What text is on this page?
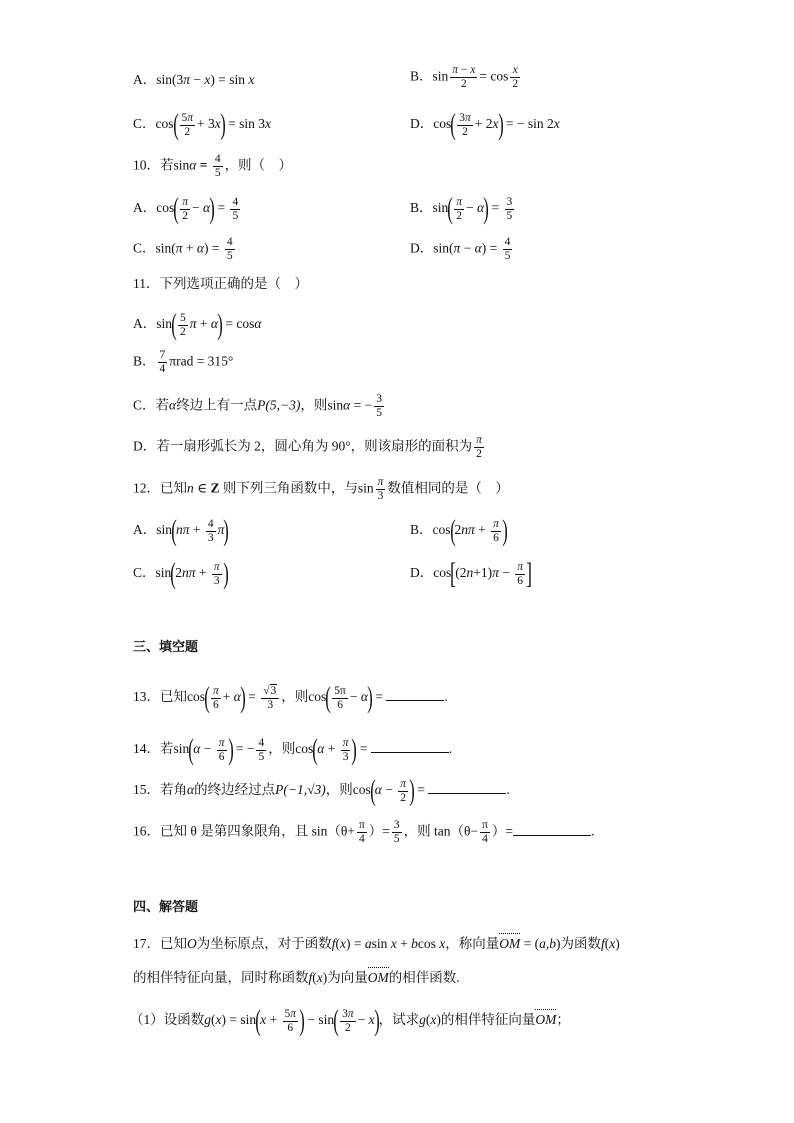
A．sin(3π − x) = sin x	B．$\sin \frac{\pi - x}{2} = \cos \frac{x}{2}$
C．$\cos( \frac{5\pi}{2} + 3x) = \sin 3x$	D．$\cos( \frac{3\pi}{2} + 2x)$ = − sin 2x
10．若$\sin\alpha = \frac{4}{5}$ ，则（　）
A．$\cos( \frac{\pi}{2} - \alpha) = \frac{4}{5}$	B．$\sin( \frac{\pi}{2} - \alpha) = \frac{3}{5}$
C．$\sin(\pi + \alpha) = \frac{4}{5}$	D．$\sin(\pi - \alpha) = \frac{4}{5}$
11．下列选项正确的是（　）
A．$\sin( \frac{5}{2}$ π + α) = cosα
B． $\frac{7}{4}$ πrad = 315°
C．若α终边上有一点P(5,−3)，则sinα = − $\frac{3}{5}$
D．若一扇形弧长为 2，圆心角为 90°，则该扇形的面积为 $\frac{\pi}{2}$
12．已知n ∈ Z 则下列三角函数中，与$\sin \frac{\pi}{3}$ 数值相同的是（　）
A．$\sin(n\pi + \frac{4}{3} \pi)$	B．$\cos(2n\pi + \frac{\pi}{6}$ )
C．$\sin(2n\pi + \frac{\pi}{3}$ )	D．$\cos[(2n+1)\pi - \frac{\pi}{6}$ ]
三、填空题
13．已知$\cos( \frac{\pi}{6} + \alpha) = \frac{√3}{3}$ ，则$\cos( \frac{5\pi}{6} - \alpha)$ =	.
14．若$\sin(\alpha - \frac{\pi}{6}$ ) = − $\frac{4}{5}$ ，则$\cos(\alpha + \frac{\pi}{3}$ ) =	.
15．若角α的终边经过点P(−1,√3)，则$\cos(\alpha - \frac{\pi}{2}$ ) =	.
16．已知 θ 是第四象限角，且 $\sin(\theta+ \frac{\pi}{4}$ ）= $\frac{3}{5}$ ，则 $\tan(\theta- \frac{\pi}{4}$ ）=	.
四、解答题
17．已知O为坐标原点，对于函数f(x) = asin x + bcos x，称向量OM = (a,b)为函数f(x)
的相伴特征向量，同时称函数f(x)为向量OM的相伴函数.
（1）设函数$g(x) = \sin(x + \frac{5\pi}{6}$ ) − $\sin( \frac{3\pi}{2} - x)$，试求g(x)的相伴特征向量OM；
